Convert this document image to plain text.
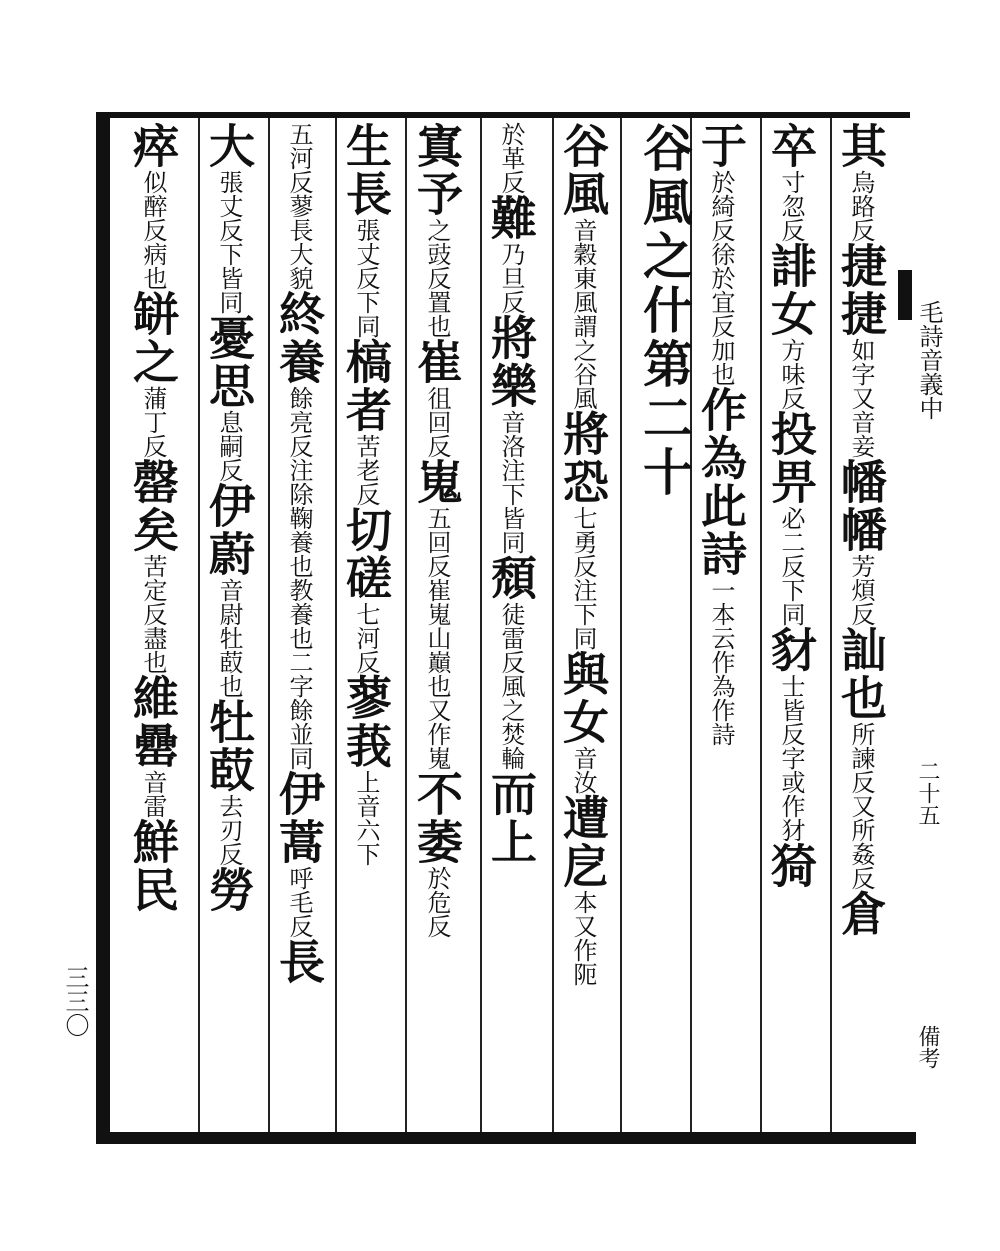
毛詩音義中
二十五
備考
三三〇
其烏路反捷捷如字又音妾幡幡芳煩反訕也所諫反又所姦反倉
卒寸忽反誹女方味反投畀必二反下同豺士皆反字或作犲猗
于於綺反徐於宜反加也作為此詩一本云作為作詩
谷風之什第二十
谷風音穀東風謂之谷風將恐七勇反注下同與女音汝遭戹本又作阨
於革反難乃旦反將樂音洛注下皆同頹徒雷反風之焚輪而上
寘予之豉反置也崔徂回反嵬五回反崔嵬山巔也又作嵬不萎於危反
生長張丈反下同槁者苦老反切磋七河反蓼莪上音六下
五河反蓼長大貌終養餘亮反注除鞠養也教養也二字餘並同伊蒿呼毛反長
大張丈反下皆同憂思息嗣反伊蔚音尉牡菣也牡菣去刃反勞
瘁似醉反病也缾之蒲丁反罄矣苦定反盡也維罍音雷鮮民
